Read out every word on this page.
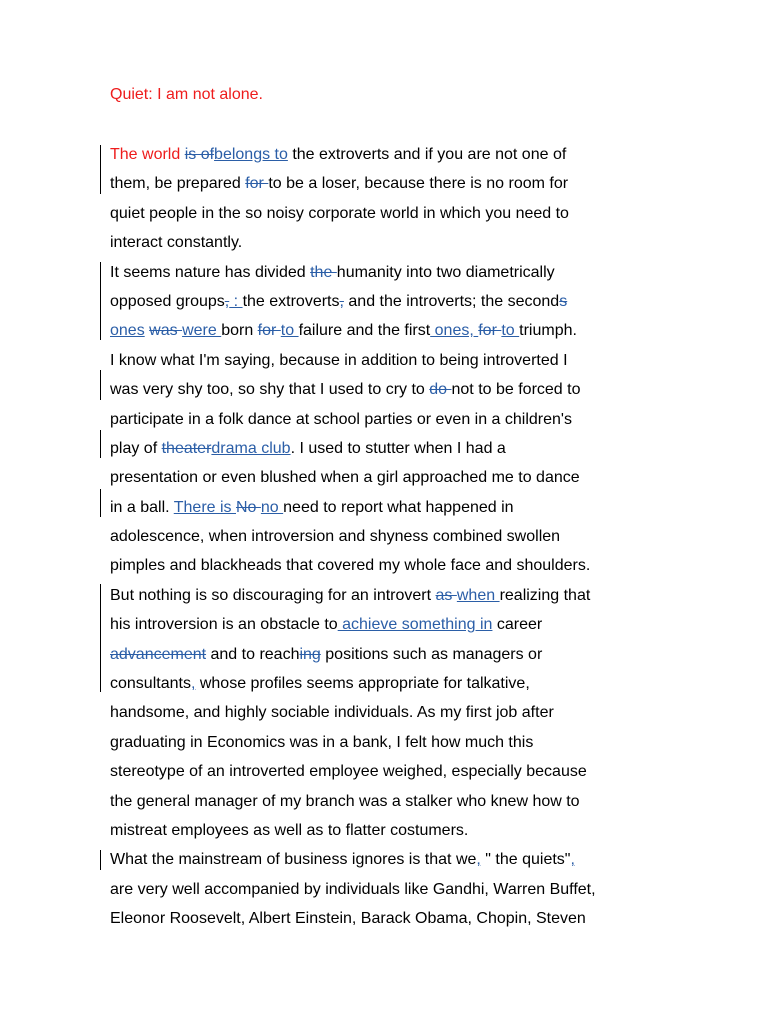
Quiet: I am not alone.
The world is ofbelongs to the extroverts and if you are not one of
them, be prepared for to be a loser, because there is no room for
quiet people in the so noisy corporate world in which you need to
interact constantly.
It seems nature has divided the humanity into two diametrically
opposed groups, : the extroverts, and the introverts; the seconds
ones was were born for to failure and the first ones, for to triumph.
I know what I'm saying, because in addition to being introverted I
was very shy too, so shy that I used to cry to do not to be forced to
participate in a folk dance at school parties or even in a children's
play of theaterdrama club. I used to stutter when I had a
presentation or even blushed when a girl approached me to dance
in a ball. There is No no need to report what happened in
adolescence, when introversion and shyness combined swollen
pimples and blackheads that covered my whole face and shoulders.
But nothing is so discouraging for an introvert as when realizing that
his introversion is an obstacle to achieve something in career
advancement and to reaching positions such as managers or
consultants, whose profiles seems appropriate for talkative,
handsome, and highly sociable individuals. As my first job after
graduating in Economics was in a bank, I felt how much this
stereotype of an introverted employee weighed, especially because
the general manager of my branch was a stalker who knew how to
mistreat employees as well as to flatter costumers.
What the mainstream of business ignores is that we, " the quiets",
are very well accompanied by individuals like Gandhi, Warren Buffet,
Eleonor Roosevelt, Albert Einstein, Barack Obama, Chopin, Steven
